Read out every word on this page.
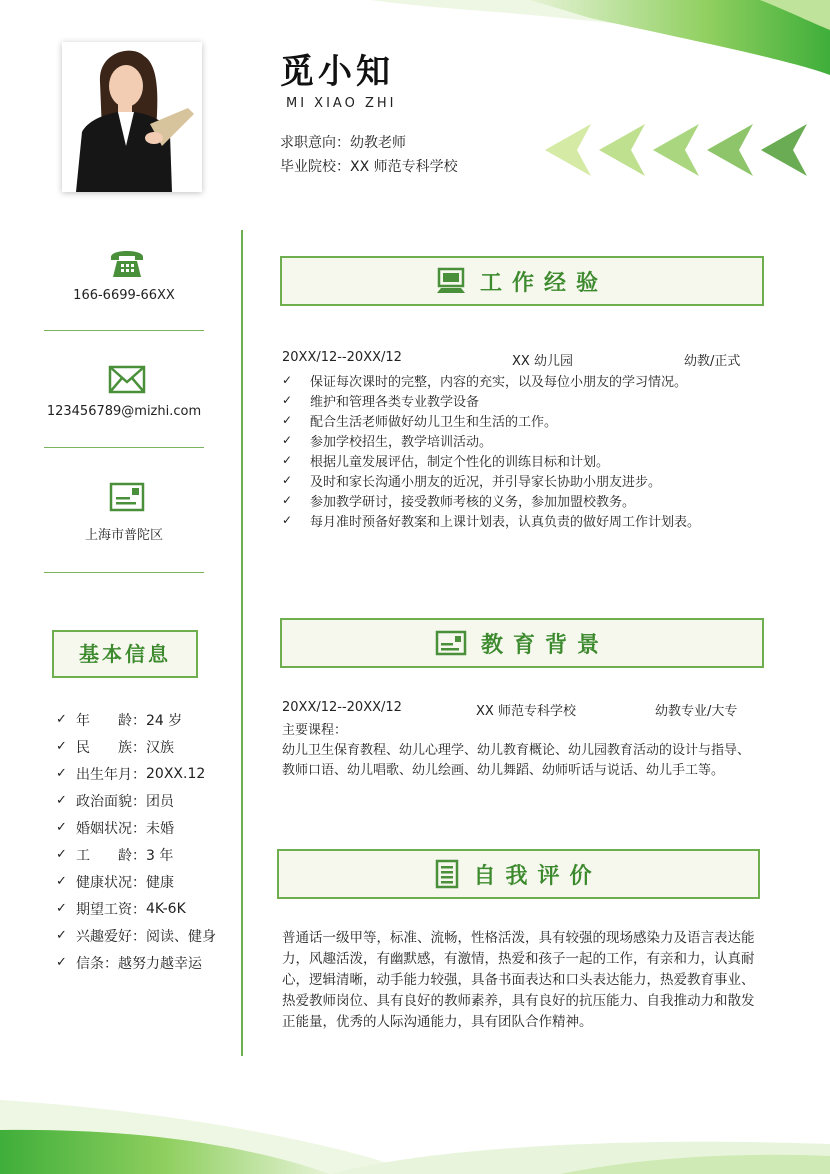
觅小知
MI XIAO ZHI
求职意向：幼教老师
毕业院校：XX 师范专科学校
166-6699-66XX
123456789@mizhi.com
上海市普陀区
基本信息
✓ 年　　龄： 24 岁
✓ 民　　族： 汉族
✓ 出生年月： 20XX.12
✓ 政治面貌： 团员
✓ 婚姻状况： 未婚
✓ 工　　龄： 3 年
✓ 健康状况： 健康
✓ 期望工资： 4K-6K
✓ 兴趣爱好： 阅读、健身
✓ 信条： 越努力越幸运
工作经验
20XX/12--20XX/12	XX 幼儿园	幼教/正式
✓	保证每次课时的完整，内容的充实，以及每位小朋友的学习情况。
✓	维护和管理各类专业教学设备
✓	配合生活老师做好幼儿卫生和生活的工作。
✓	参加学校招生，教学培训活动。
✓	根据儿童发展评估，制定个性化的训练目标和计划。
✓	及时和家长沟通小朋友的近况，并引导家长协助小朋友进步。
✓	参加教学研讨，接受教师考核的义务，参加加盟校教务。
✓	每月准时预备好教案和上课计划表，认真负责的做好周工作计划表。
教育背景
20XX/12--20XX/12	XX 师范专科学校	幼教专业/大专
主要课程：
幼儿卫生保育教程、幼儿心理学、幼儿教育概论、幼儿园教育活动的设计与指导、
教师口语、幼儿唱歌、幼儿绘画、幼儿舞蹈、幼师听话与说话、幼儿手工等。
自我评价
普通话一级甲等，标准、流畅，性格活泼，具有较强的现场感染力及语言表达能
力，风趣活泼，有幽默感，有激情，热爱和孩子一起的工作，有亲和力，认真耐
心，逻辑清晰，动手能力较强，具备书面表达和口头表达能力，热爱教育事业、
热爱教师岗位、具有良好的教师素养，具有良好的抗压能力、自我推动力和散发
正能量，优秀的人际沟通能力，具有团队合作精神。
